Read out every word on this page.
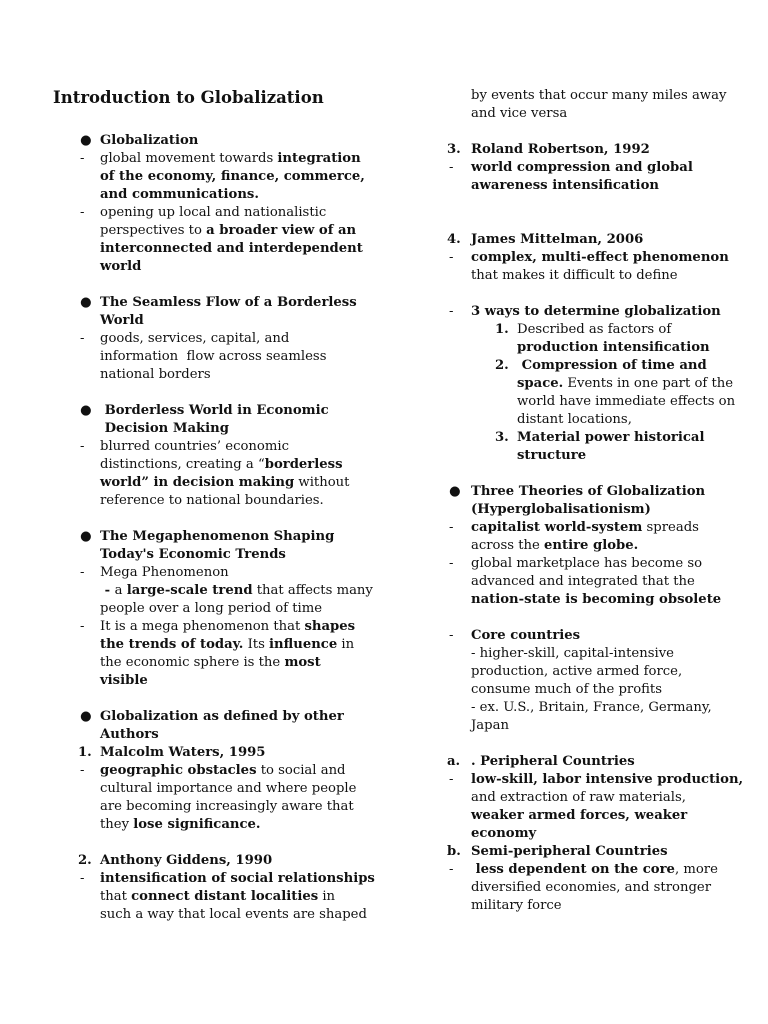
Introduction to Globalization
● Globalization
- global movement towards integration
of the economy, finance, commerce,
and communications.
- opening up local and nationalistic
perspectives to a broader view of an
interconnected and interdependent
world
● The Seamless Flow of a Borderless
World
- goods, services, capital, and
information  flow across seamless
national borders
● Borderless World in Economic
Decision Making
- blurred countries’ economic
distinctions, creating a “borderless
world” in decision making without
reference to national boundaries.
● The Megaphenomenon Shaping
Today's Economic Trends
- Mega Phenomenon
- a large-scale trend that affects many
people over a long period of time
- It is a mega phenomenon that shapes
the trends of today. Its influence in
the economic sphere is the most
visible
● Globalization as defined by other
Authors
1. Malcolm Waters, 1995
- geographic obstacles to social and
cultural importance and where people
are becoming increasingly aware that
they lose significance.
2. Anthony Giddens, 1990
- intensification of social relationships
that connect distant localities in
such a way that local events are shaped
by events that occur many miles away
and vice versa
3. Roland Robertson, 1992
- world compression and global
awareness intensification
4. James Mittelman, 2006
- complex, multi-effect phenomenon
that makes it difficult to define
- 3 ways to determine globalization
1. Described as factors of
production intensification
2. Compression of time and
space. Events in one part of the
world have immediate effects on
distant locations,
3. Material power historical
structure
● Three Theories of Globalization
(Hyperglobalisationism)
- capitalist world-system spreads
across the entire globe.
- global marketplace has become so
advanced and integrated that the
nation-state is becoming obsolete
- Core countries
- higher-skill, capital-intensive
production, active armed force,
consume much of the profits
- ex. U.S., Britain, France, Germany,
Japan
a. . Peripheral Countries
- low-skill, labor intensive production,
and extraction of raw materials,
weaker armed forces, weaker
economy
b. Semi-peripheral Countries
- less dependent on the core, more
diversified economies, and stronger
military force
